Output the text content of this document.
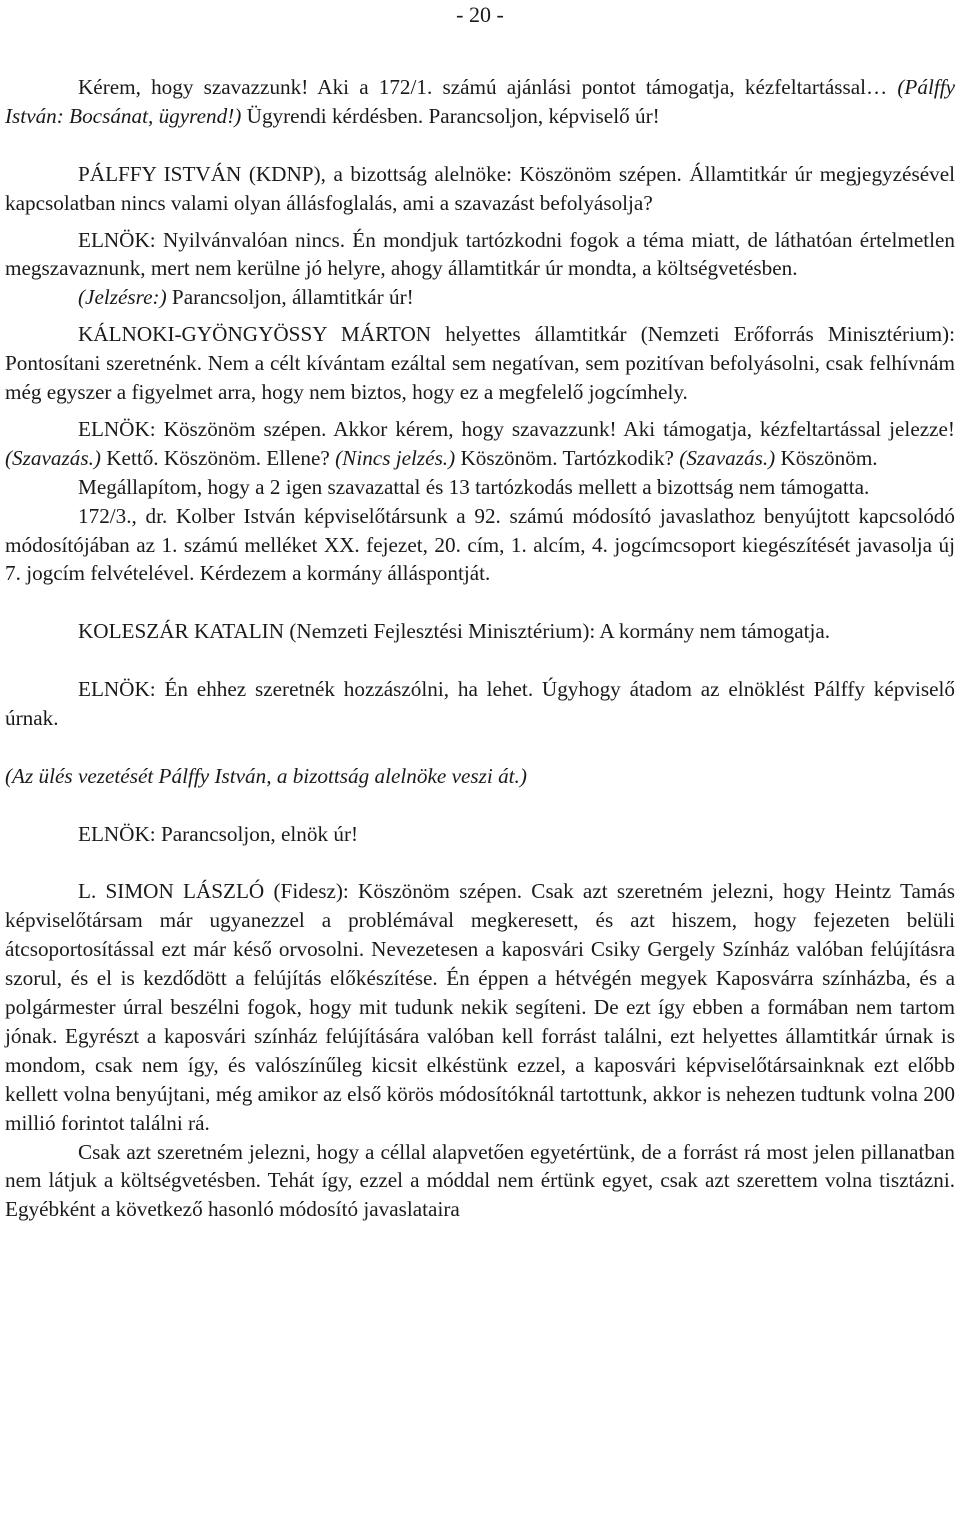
- 20 -

Kérem, hogy szavazzunk! Aki a 172/1. számú ajánlási pontot támogatja, kézfeltartással… (Pálffy István: Bocsánat, ügyrend!) Ügyrendi kérdésben. Parancsoljon, képviselő úr!

PÁLFFY ISTVÁN (KDNP), a bizottság alelnöke: Köszönöm szépen. Államtitkár úr megjegyzésével kapcsolatban nincs valami olyan állásfoglalás, ami a szavazást befolyásolja?

ELNÖK: Nyilvánvalóan nincs. Én mondjuk tartózkodni fogok a téma miatt, de láthatóan értelmetlen megszavaznunk, mert nem kerülne jó helyre, ahogy államtitkár úr mondta, a költségvetésben.

(Jelzésre:) Parancsoljon, államtitkár úr!

KÁLNOKI-GYÖNGYÖSSY MÁRTON helyettes államtitkár (Nemzeti Erőforrás Minisztérium): Pontosítani szeretnénk. Nem a célt kívántam ezáltal sem negatívan, sem pozitívan befolyásolni, csak felhívnám még egyszer a figyelmet arra, hogy nem biztos, hogy ez a megfelelő jogcímhely.

ELNÖK: Köszönöm szépen. Akkor kérem, hogy szavazzunk! Aki támogatja, kézfeltartással jelezze! (Szavazás.) Kettő. Köszönöm. Ellene? (Nincs jelzés.) Köszönöm. Tartózkodik? (Szavazás.) Köszönöm.

Megállapítom, hogy a 2 igen szavazattal és 13 tartózkodás mellett a bizottság nem támogatta.

172/3., dr. Kolber István képviselőtársunk a 92. számú módosító javaslathoz benyújtott kapcsolódó módosítójában az 1. számú melléket XX. fejezet, 20. cím, 1. alcím, 4. jogcímcsoport kiegészítését javasolja új 7. jogcím felvételével. Kérdezem a kormány álláspontját.

KOLESZÁR KATALIN (Nemzeti Fejlesztési Minisztérium): A kormány nem támogatja.

ELNÖK: Én ehhez szeretnék hozzászólni, ha lehet. Úgyhogy átadom az elnöklést Pálffy képviselő úrnak.

(Az ülés vezetését Pálffy István, a bizottság alelnöke veszi át.)

ELNÖK: Parancsoljon, elnök úr!

L. SIMON LÁSZLÓ (Fidesz): Köszönöm szépen. Csak azt szeretném jelezni, hogy Heintz Tamás képviselőtársam már ugyanezzel a problémával megkeresett, és azt hiszem, hogy fejezeten belüli átcsoportosítással ezt már késő orvosolni. Nevezetesen a kaposvári Csiky Gergely Színház valóban felújításra szorul, és el is kezdődött a felújítás előkészítése. Én éppen a hétvégén megyek Kaposvárra színházba, és a polgármester úrral beszélni fogok, hogy mit tudunk nekik segíteni. De ezt így ebben a formában nem tartom jónak. Egyrészt a kaposvári színház felújítására valóban kell forrást találni, ezt helyettes államtitkár úrnak is mondom, csak nem így, és valószínűleg kicsit elkéstünk ezzel, a kaposvári képviselőtársainknak ezt előbb kellett volna benyújtani, még amikor az első körös módosítóknál tartottunk, akkor is nehezen tudtunk volna 200 millió forintot találni rá.

Csak azt szeretném jelezni, hogy a céllal alapvetően egyetértünk, de a forrást rá most jelen pillanatban nem látjuk a költségvetésben. Tehát így, ezzel a móddal nem értünk egyet, csak azt szerettem volna tisztázni. Egyébként a következő hasonló módosító javaslataira
